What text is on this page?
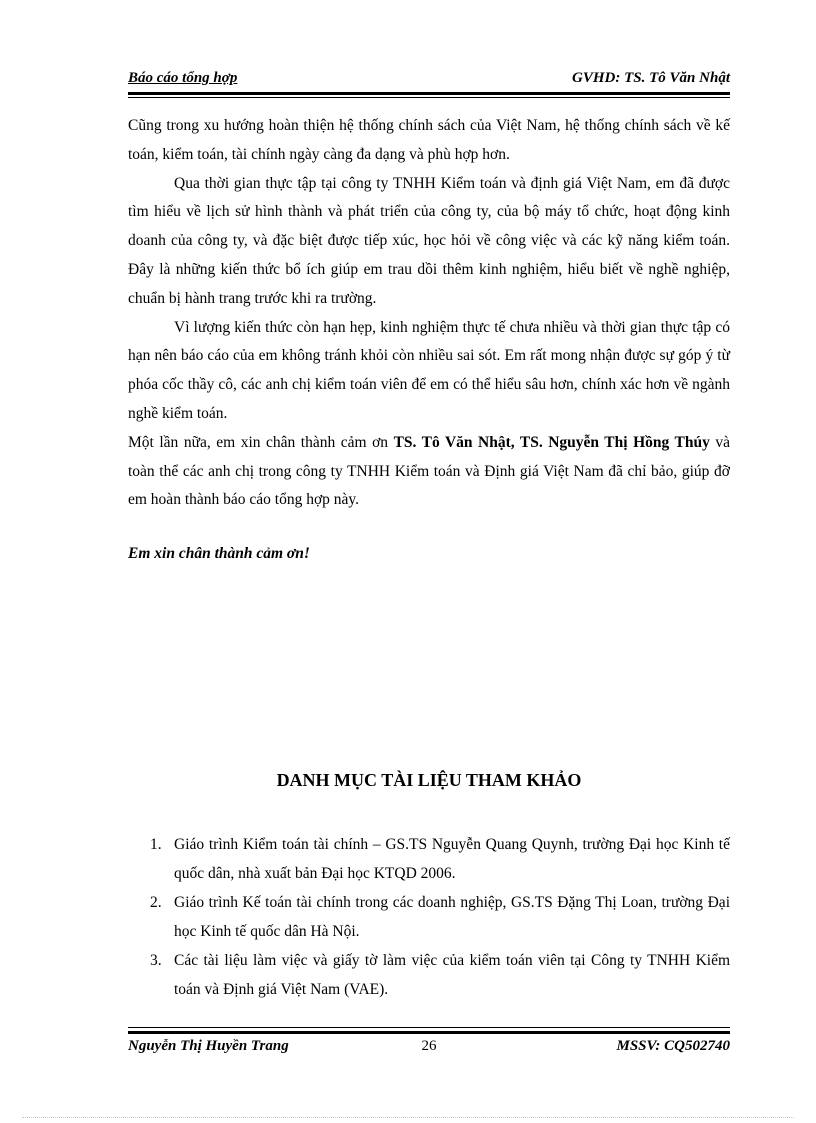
Báo cáo tổng hợp	GVHD: TS. Tô Văn Nhật

Cũng trong xu hướng hoàn thiện hệ thống chính sách của Việt Nam, hệ thống chính sách về kế toán, kiểm toán, tài chính ngày càng đa dạng và phù hợp hơn.

Qua thời gian thực tập tại công ty TNHH Kiểm toán và định giá Việt Nam, em đã được tìm hiểu về lịch sử hình thành và phát triển của công ty, của bộ máy tổ chức, hoạt động kinh doanh của công ty, và đặc biệt được tiếp xúc, học hỏi về công việc và các kỹ năng kiểm toán. Đây là những kiến thức bổ ích giúp em trau dồi thêm kinh nghiệm, hiểu biết về nghề nghiệp, chuẩn bị hành trang trước khi ra trường.

Vì lượng kiến thức còn hạn hẹp, kinh nghiệm thực tế chưa nhiều và thời gian thực tập có hạn nên báo cáo của em không tránh khỏi còn nhiều sai sót. Em rất mong nhận được sự góp ý từ phóa cốc thầy cô, các anh chị kiểm toán viên để em có thể hiểu sâu hơn, chính xác hơn về ngành nghề kiểm toán.

Một lần nữa, em xin chân thành cảm ơn TS. Tô Văn Nhật, TS. Nguyễn Thị Hồng Thúy và toàn thể các anh chị trong công ty TNHH Kiểm toán và Định giá Việt Nam đã chỉ bảo, giúp đỡ em hoàn thành báo cáo tổng hợp này.

Em xin chân thành cảm ơn!

DANH MỤC TÀI LIỆU THAM KHẢO
1. Giáo trình Kiểm toán tài chính – GS.TS Nguyễn Quang Quynh, trường Đại học Kinh tế quốc dân, nhà xuất bản Đại học KTQD 2006.
2. Giáo trình Kế toán tài chính trong các doanh nghiệp, GS.TS Đặng Thị Loan, trường Đại học Kinh tế quốc dân Hà Nội.
3. Các tài liệu làm việc và giấy tờ làm việc của kiểm toán viên tại Công ty TNHH Kiểm toán và Định giá Việt Nam (VAE).
Nguyễn Thị Huyền Trang	26	MSSV: CQ502740
